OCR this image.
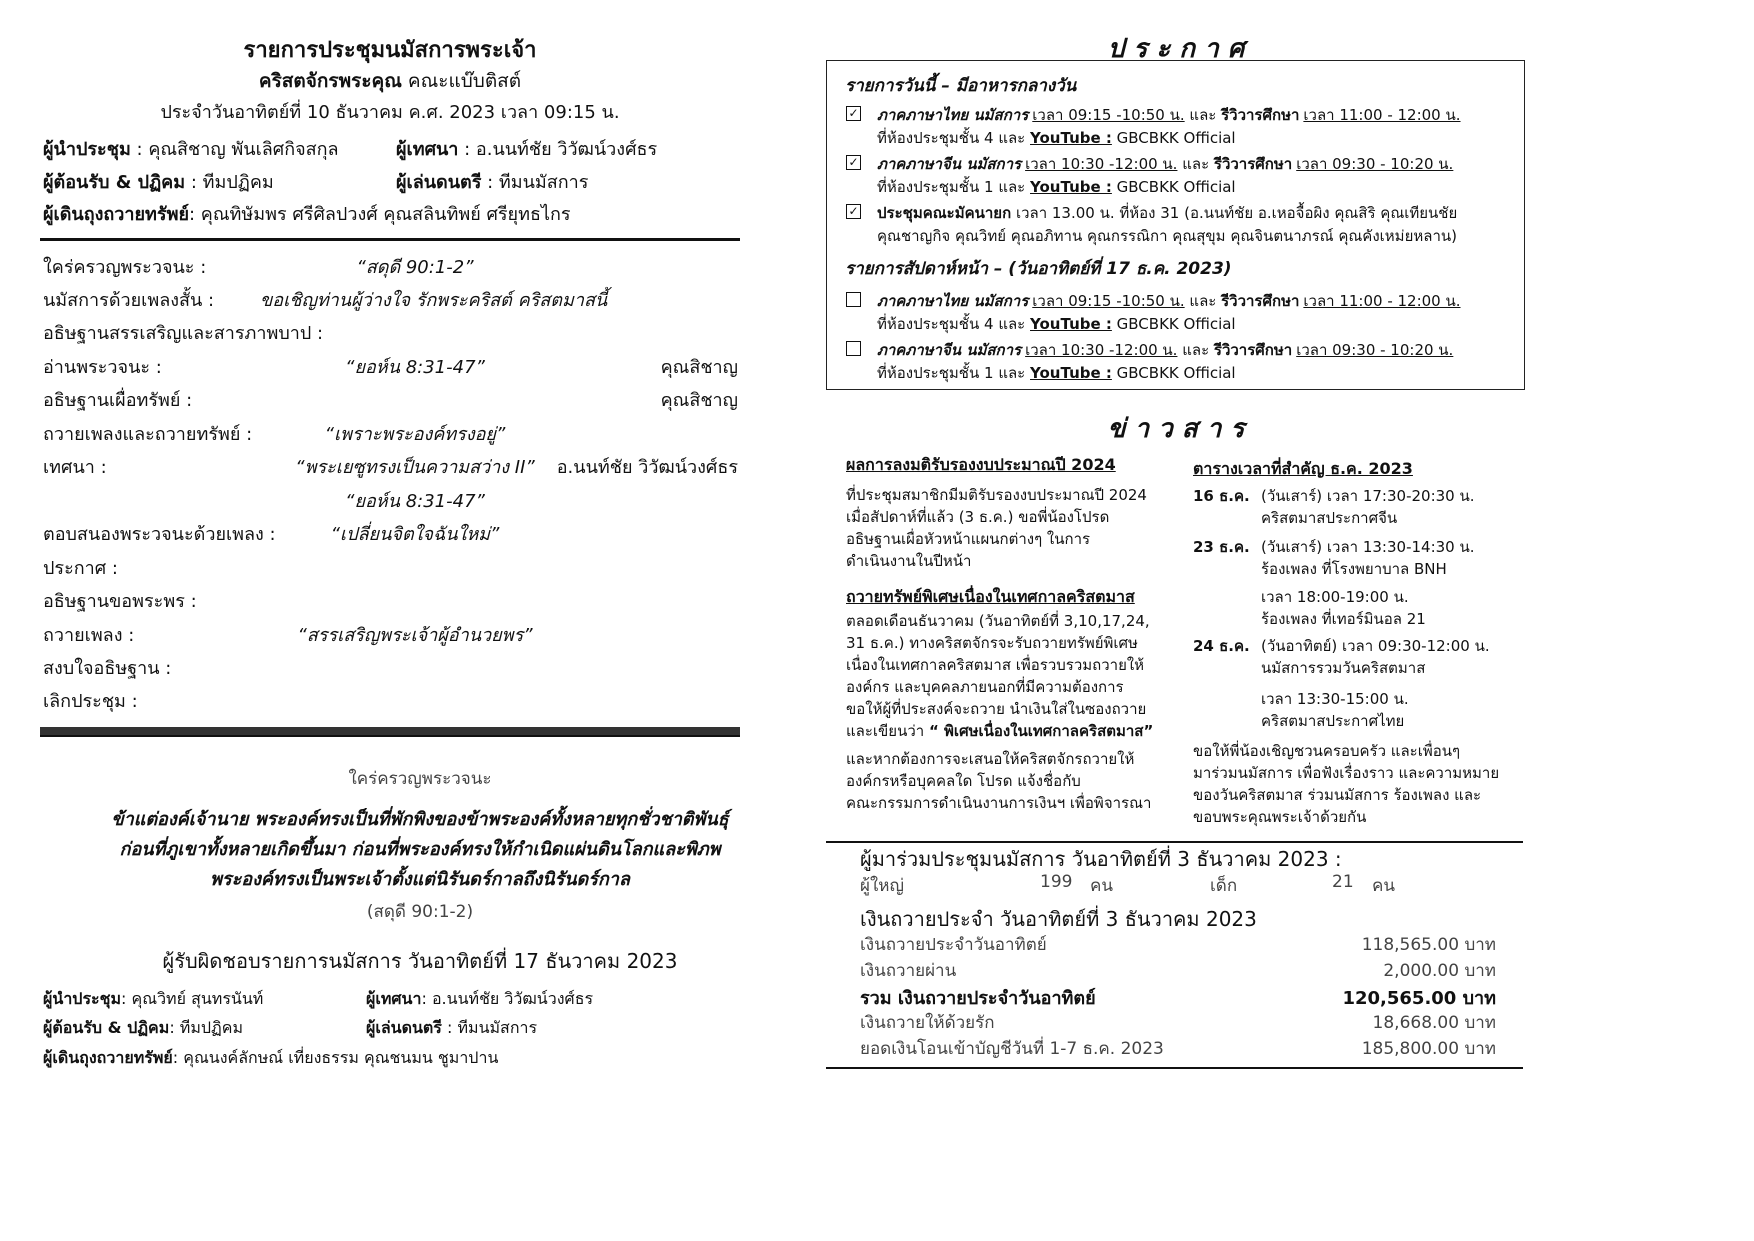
รายการประชุมนมัสการพระเจ้า
คริสตจักรพระคุณ คณะแบ๊บติสต์
ประจำวันอาทิตย์ที่ 10 ธันวาคม ค.ศ. 2023 เวลา 09:15 น.
ผู้นำประชุม : คุณสิชาญ พันเลิศกิจสกุล	ผู้เทศนา : อ.นนท์ชัย วิวัฒน์วงศ์ธร
ผู้ต้อนรับ & ปฏิคม : ทีมปฏิคม	ผู้เล่นดนตรี : ทีมนมัสการ
ผู้เดินถุงถวายทรัพย์: คุณทิษัมพร ศรีศิลปวงศ์ คุณสลินทิพย์ ศรียุทธไกร
ใคร่ครวญพระวจนะ :	“สดุดี 90:1-2”
นมัสการด้วยเพลงสั้น :	ขอเชิญท่านผู้ว่างใจ รักพระคริสต์ คริสตมาสนี้
อธิษฐานสรรเสริญและสารภาพบาป :
อ่านพระวจนะ :	“ยอห์น 8:31-47”	คุณสิชาญ
อธิษฐานเผื่อทรัพย์ :	คุณสิชาญ
ถวายเพลงและถวายทรัพย์ :	“เพราะพระองค์ทรงอยู่”
เทศนา :	“พระเยซูทรงเป็นความสว่าง II”	อ.นนท์ชัย วิวัฒน์วงศ์ธร
“ยอห์น 8:31-47”
ตอบสนองพระวจนะด้วยเพลง :	“เปลี่ยนจิตใจฉันใหม่”
ประกาศ :
อธิษฐานขอพระพร :
ถวายเพลง :	“สรรเสริญพระเจ้าผู้อำนวยพร”
สงบใจอธิษฐาน :
เลิกประชุม :
ใคร่ครวญพระวจนะ
ข้าแต่องค์เจ้านาย พระองค์ทรงเป็นที่พักพิงของข้าพระองค์ทั้งหลายทุกชั่วชาติพันธุ์
ก่อนที่ภูเขาทั้งหลายเกิดขึ้นมา ก่อนที่พระองค์ทรงให้กำเนิดแผ่นดินโลกและพิภพ
พระองค์ทรงเป็นพระเจ้าตั้งแต่นิรันดร์กาลถึงนิรันดร์กาล
(สดุดี 90:1-2)
ผู้รับผิดชอบรายการนมัสการ วันอาทิตย์ที่ 17 ธันวาคม 2023
ผู้นำประชุม: คุณวิทย์ สุนทรนันท์	ผู้เทศนา: อ.นนท์ชัย วิวัฒน์วงศ์ธร
ผู้ต้อนรับ & ปฏิคม: ทีมปฏิคม	ผู้เล่นดนตรี : ทีมนมัสการ
ผู้เดินถุงถวายทรัพย์: คุณนงค์ลักษณ์ เที่ยงธรรม คุณชนมน ชูมาปาน
ป ร ะ ก า ศ
รายการวันนี้ – มีอาหารกลางวัน
✓ ภาคภาษาไทย นมัสการ เวลา 09:15 -10:50 น. และ รีวิวารศึกษา เวลา 11:00 - 12:00 น.
ที่ห้องประชุมชั้น 4 และ YouTube : GBCBKK Official
✓ ภาคภาษาจีน นมัสการ เวลา 10:30 -12:00 น. และ รีวิวารศึกษา เวลา 09:30 - 10:20 น.
ที่ห้องประชุมชั้น 1 และ YouTube : GBCBKK Official
✓ ประชุมคณะมัคนายก เวลา 13.00 น. ที่ห้อง 31 (อ.นนท์ชัย อ.เหอจื้อผิง คุณสิริ คุณเทียนชัย
คุณชาญกิจ คุณวิทย์ คุณอภิทาน คุณกรรณิกา คุณสุขุม คุณจินตนาภรณ์ คุณคังเหม่ยหลาน)
รายการสัปดาห์หน้า – (วันอาทิตย์ที่ 17 ธ.ค. 2023)
ภาคภาษาไทย นมัสการ เวลา 09:15 -10:50 น. และ รีวิวารศึกษา เวลา 11:00 - 12:00 น.
ที่ห้องประชุมชั้น 4 และ YouTube : GBCBKK Official
ภาคภาษาจีน นมัสการ เวลา 10:30 -12:00 น. และ รีวิวารศึกษา เวลา 09:30 - 10:20 น.
ที่ห้องประชุมชั้น 1 และ YouTube : GBCBKK Official
ข่ า ว ส า ร
ผลการลงมติรับรองงบประมาณปี 2024
ที่ประชุมสมาชิกมีมติรับรองงบประมาณปี 2024
เมื่อสัปดาห์ที่แล้ว (3 ธ.ค.) ขอพี่น้องโปรด
อธิษฐานเผื่อหัวหน้าแผนกต่างๆ ในการ
ดำเนินงานในปีหน้า
ถวายทรัพย์พิเศษเนื่องในเทศกาลคริสตมาส
ตลอดเดือนธันวาคม (วันอาทิตย์ที่ 3,10,17,24,
31 ธ.ค.) ทางคริสตจักรจะรับถวายทรัพย์พิเศษ
เนื่องในเทศกาลคริสตมาส เพื่อรวบรวมถวายให้
องค์กร และบุคคลภายนอกที่มีความต้องการ
ขอให้ผู้ที่ประสงค์จะถวาย นำเงินใส่ในซองถวาย
และเขียนว่า “ พิเศษเนื่องในเทศกาลคริสตมาส”
และหากต้องการจะเสนอให้คริสตจักรถวายให้
องค์กรหรือบุคคลใด โปรด แจ้งชื่อกับ
คณะกรรมการดำเนินงานการเงินฯ เพื่อพิจารณา
ตารางเวลาที่สำคัญ ธ.ค. 2023
16 ธ.ค. (วันเสาร์) เวลา 17:30-20:30 น.
คริสตมาสประกาศจีน
23 ธ.ค. (วันเสาร์) เวลา 13:30-14:30 น.
ร้องเพลง ที่โรงพยาบาล BNH
เวลา 18:00-19:00 น.
ร้องเพลง ที่เทอร์มินอล 21
24 ธ.ค. (วันอาทิตย์) เวลา 09:30-12:00 น.
นมัสการรวมวันคริสตมาส
เวลา 13:30-15:00 น.
คริสตมาสประกาศไทย
ขอให้พี่น้องเชิญชวนครอบครัว และเพื่อนๆ
มาร่วมนมัสการ เพื่อฟังเรื่องราว และความหมาย
ของวันคริสตมาส ร่วมนมัสการ ร้องเพลง และ
ขอบพระคุณพระเจ้าด้วยกัน
ผู้มาร่วมประชุมนมัสการ วันอาทิตย์ที่ 3 ธันวาคม 2023 :
ผู้ใหญ่	199 คน	เด็ก	21 คน
เงินถวายประจำ วันอาทิตย์ที่ 3 ธันวาคม 2023
เงินถวายประจำวันอาทิตย์	118,565.00 บาท
เงินถวายผ่าน	2,000.00 บาท
รวม เงินถวายประจำวันอาทิตย์	120,565.00 บาท
เงินถวายให้ด้วยรัก	18,668.00 บาท
ยอดเงินโอนเข้าบัญชีวันที่ 1-7 ธ.ค. 2023	185,800.00 บาท
